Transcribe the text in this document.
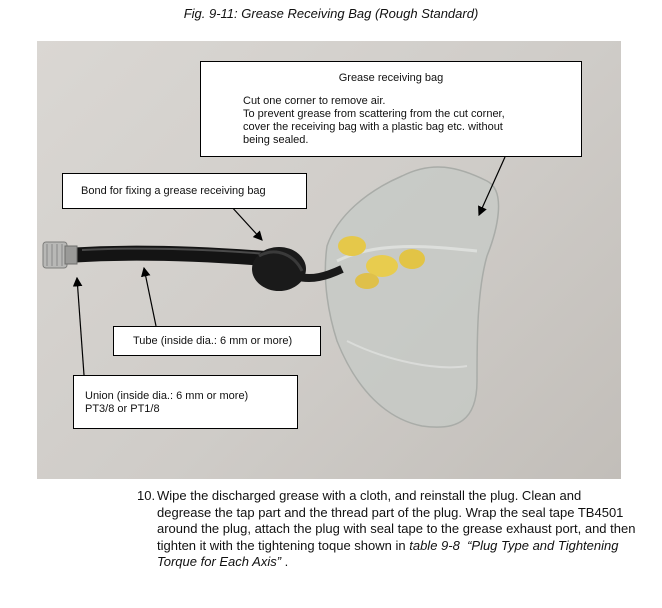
Fig. 9-11: Grease Receiving Bag (Rough Standard)
Grease receiving bag
Cut one corner to remove air.
To prevent grease from scattering from the cut corner,
cover the receiving bag with a plastic bag etc. without
being sealed.
Bond for fixing a grease receiving bag
Tube (inside dia.: 6 mm or more)
Union (inside dia.: 6 mm or more)
PT3/8 or PT1/8
10. Wipe the discharged grease with a cloth, and reinstall the plug. Clean and degrease the tap part and the thread part of the plug. Wrap the seal tape TB4501 around the plug, attach the plug with seal tape to the grease exhaust port, and then tighten it with the tightening toque shown in table 9-8 “Plug Type and Tightening Torque for Each Axis” .
